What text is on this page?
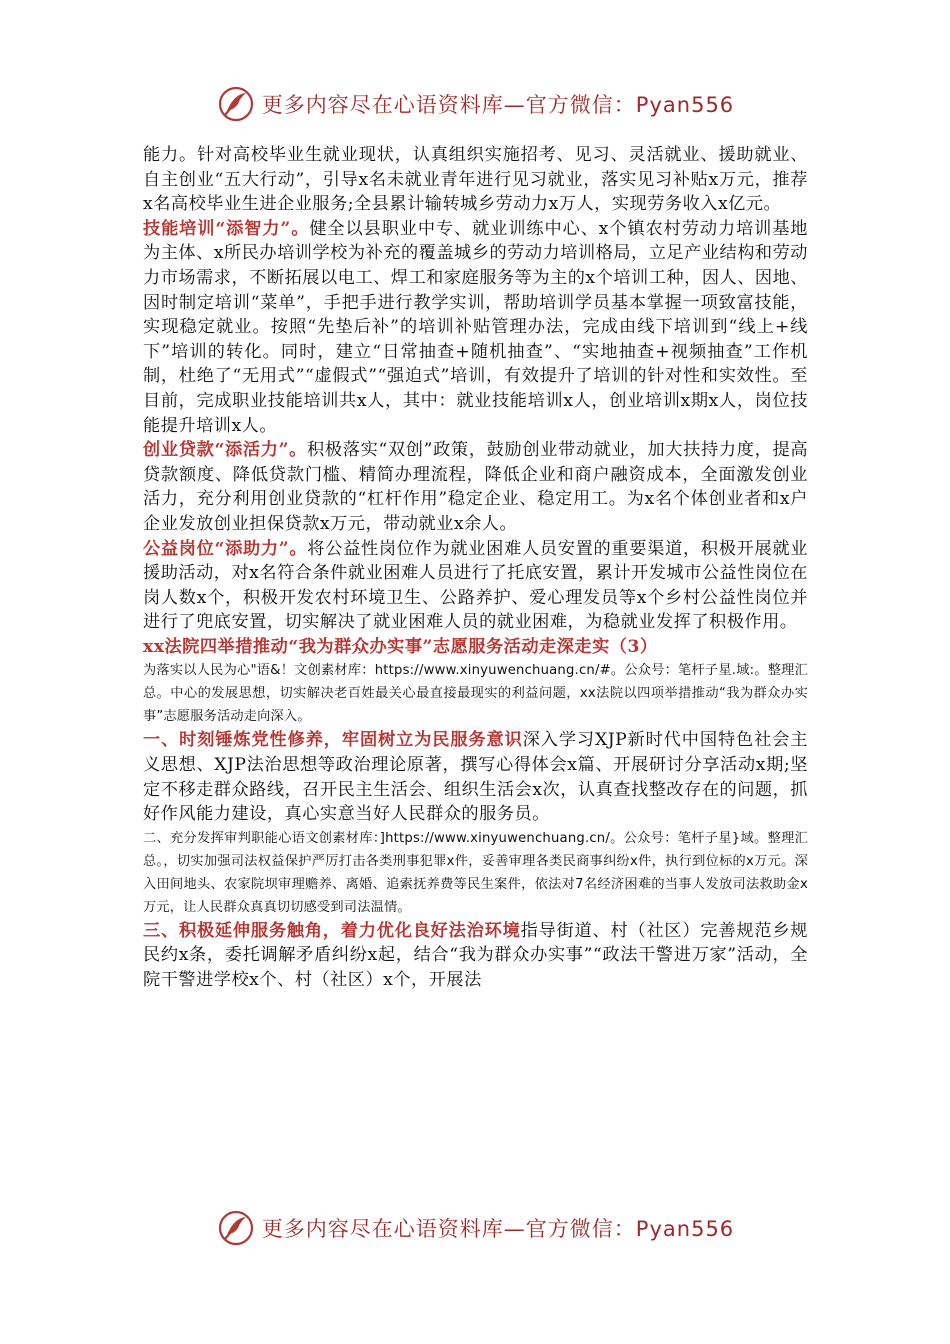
更多内容尽在心语资料库—官方微信：Pyan556

能力。针对高校毕业生就业现状，认真组织实施招考、见习、灵活就业、援助就业、自主创业“五大行动”，引导x名未就业青年进行见习就业，落实见习补贴x万元，推荐x名高校毕业生进企业服务;全县累计输转城乡劳动力x万人，实现劳务收入x亿元。

技能培训“添智力”。健全以县职业中专、就业训练中心、x个镇农村劳动力培训基地为主体、x所民办培训学校为补充的覆盖城乡的劳动力培训格局，立足产业结构和劳动力市场需求，不断拓展以电工、焊工和家庭服务等为主的x个培训工种，因人、因地、因时制定培训“菜单”，手把手进行教学实训，帮助培训学员基本掌握一项致富技能，实现稳定就业。按照“先垫后补”的培训补贴管理办法，完成由线下培训到“线上+线下”培训的转化。同时，建立“日常抽查+随机抽查”、“实地抽查+视频抽查”工作机制，杜绝了“无用式”“虚假式”“强迫式”培训，有效提升了培训的针对性和实效性。至目前，完成职业技能培训共x人，其中：就业技能培训x人，创业培训x期x人，岗位技能提升培训x人。

创业贷款“添活力”。积极落实“双创”政策，鼓励创业带动就业，加大扶持力度，提高贷款额度、降低贷款门槛、精简办理流程，降低企业和商户融资成本，全面激发创业活力，充分利用创业贷款的“杠杆作用”稳定企业、稳定用工。为x名个体创业者和x户企业发放创业担保贷款x万元，带动就业x余人。

公益岗位“添助力”。将公益性岗位作为就业困难人员安置的重要渠道，积极开展就业援助活动，对x名符合条件就业困难人员进行了托底安置，累计开发城市公益性岗位在岗人数x个，积极开发农村环境卫生、公路养护、爱心理发员等x个乡村公益性岗位并进行了兜底安置，切实解决了就业困难人员的就业困难，为稳就业发挥了积极作用。

xx法院四举措推动“我为群众办实事”志愿服务活动走深走实（3）

为落实以人民为心"语&！文创素材库：https://www.xinyuwenchuang.cn/#。公众号：笔杆子星.域:。整理汇总。中心的发展思想，切实解决老百姓最关心最直接最现实的利益问题，xx法院以四项举措推动“我为群众办实事”志愿服务活动走向深入。

一、时刻锤炼党性修养，牢固树立为民服务意识深入学习XJP新时代中国特色社会主义思想、XJP法治思想等政治理论原著，撰写心得体会x篇、开展研讨分享活动x期;坚定不移走群众路线，召开民主生活会、组织生活会x次，认真查找整改存在的问题，抓好作风能力建设，真心实意当好人民群众的服务员。

二、充分发挥审判职能心语文创素材库：]https://www.xinyuwenchuang.cn/。公众号：笔杆子星}域。整理汇总。，切实加强司法权益保护严厉打击各类刑事犯罪x件，妥善审理各类民商事纠纷x件，执行到位标的x万元。深入田间地头、农家院坝审理赡养、离婚、追索抚养费等民生案件，依法对7名经济困难的当事人发放司法救助金x万元，让人民群众真真切切感受到司法温情。

三、积极延伸服务触角，着力优化良好法治环境指导街道、村（社区）完善规范乡规民约x条，委托调解矛盾纠纷x起，结合“我为群众办实事”“政法干警进万家”活动，全院干警进学校x个、村（社区）x个，开展法

更多内容尽在心语资料库—官方微信：Pyan556
